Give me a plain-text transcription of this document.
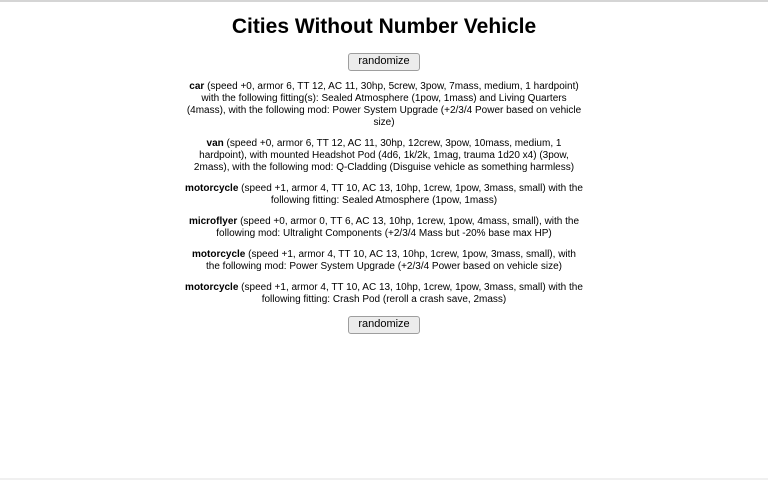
Cities Without Number Vehicle
randomize

car (speed +0, armor 6, TT 12, AC 11, 30hp, 5crew, 3pow, 7mass, medium, 1 hardpoint) with the following fitting(s): Sealed Atmosphere (1pow, 1mass) and Living Quarters (4mass), with the following mod: Power System Upgrade (+2/3/4 Power based on vehicle size)

van (speed +0, armor 6, TT 12, AC 11, 30hp, 12crew, 3pow, 10mass, medium, 1 hardpoint), with mounted Headshot Pod (4d6, 1k/2k, 1mag, trauma 1d20 x4) (3pow, 2mass), with the following mod: Q-Cladding (Disguise vehicle as something harmless)

motorcycle (speed +1, armor 4, TT 10, AC 13, 10hp, 1crew, 1pow, 3mass, small) with the following fitting: Sealed Atmosphere (1pow, 1mass)

microflyer (speed +0, armor 0, TT 6, AC 13, 10hp, 1crew, 1pow, 4mass, small), with the following mod: Ultralight Components (+2/3/4 Mass but -20% base max HP)

motorcycle (speed +1, armor 4, TT 10, AC 13, 10hp, 1crew, 1pow, 3mass, small), with the following mod: Power System Upgrade (+2/3/4 Power based on vehicle size)

motorcycle (speed +1, armor 4, TT 10, AC 13, 10hp, 1crew, 1pow, 3mass, small) with the following fitting: Crash Pod (reroll a crash save, 2mass)

randomize
